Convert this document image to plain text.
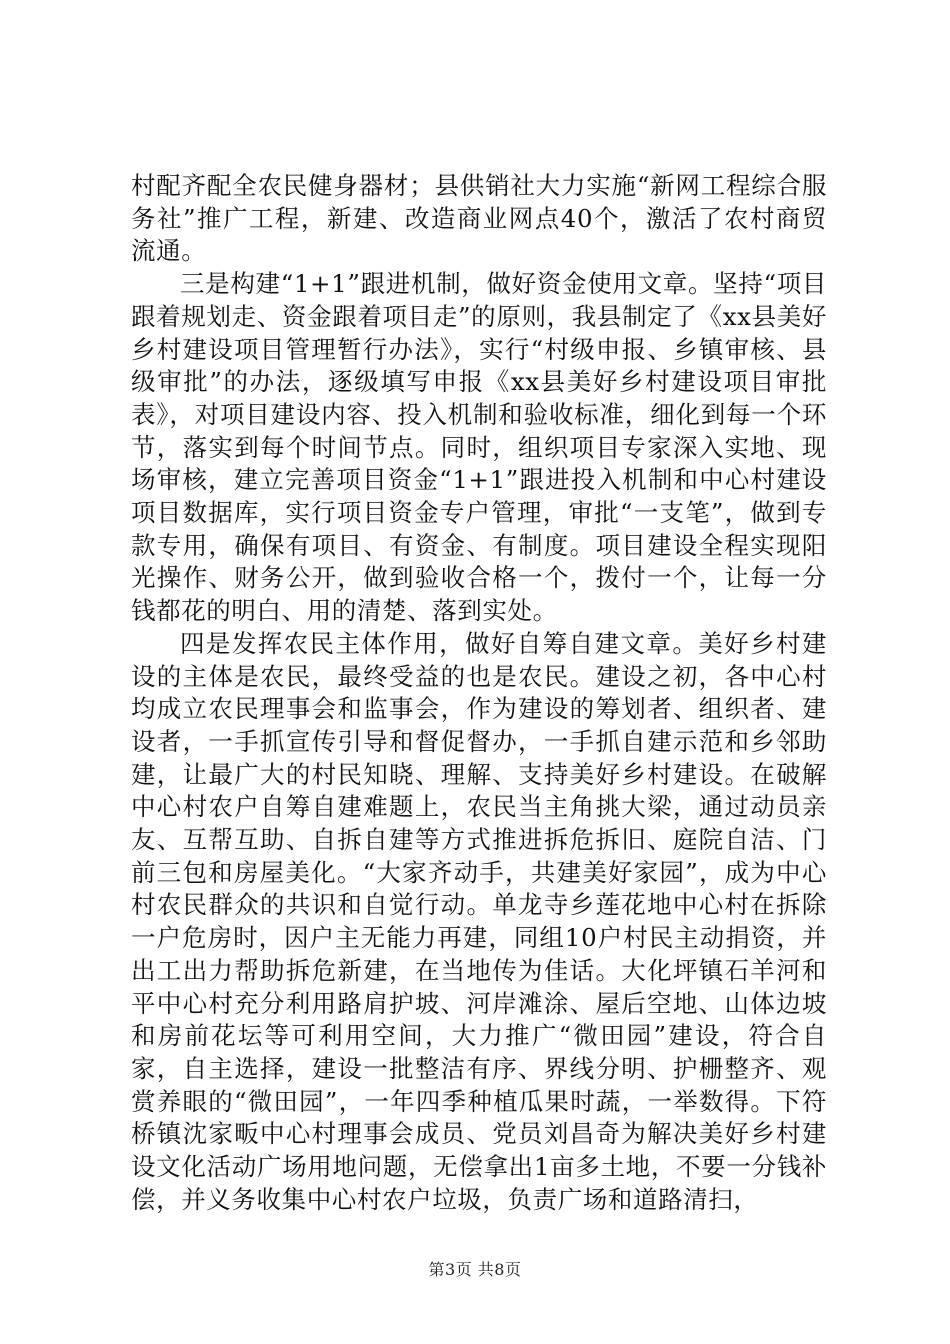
村配齐配全农民健身器材；县供销社大力实施“新网工程综合服务社”推广工程，新建、改造商业网点40个，激活了农村商贸流通。

三是构建“1+1”跟进机制，做好资金使用文章。坚持“项目跟着规划走、资金跟着项目走”的原则，我县制定了《xx县美好乡村建设项目管理暂行办法》，实行“村级申报、乡镇审核、县级审批”的办法，逐级填写申报《xx县美好乡村建设项目审批表》，对项目建设内容、投入机制和验收标准，细化到每一个环节，落实到每个时间节点。同时，组织项目专家深入实地、现场审核，建立完善项目资金“1+1”跟进投入机制和中心村建设项目数据库，实行项目资金专户管理，审批“一支笔”，做到专款专用，确保有项目、有资金、有制度。项目建设全程实现阳光操作、财务公开，做到验收合格一个，拨付一个，让每一分钱都花的明白、用的清楚、落到实处。

四是发挥农民主体作用，做好自筹自建文章。美好乡村建设的主体是农民，最终受益的也是农民。建设之初，各中心村均成立农民理事会和监事会，作为建设的筹划者、组织者、建设者，一手抓宣传引导和督促督办，一手抓自建示范和乡邻助建，让最广大的村民知晓、理解、支持美好乡村建设。在破解中心村农户自筹自建难题上，农民当主角挑大梁，通过动员亲友、互帮互助、自拆自建等方式推进拆危拆旧、庭院自洁、门前三包和房屋美化。“大家齐动手，共建美好家园”，成为中心村农民群众的共识和自觉行动。单龙寺乡莲花地中心村在拆除一户危房时，因户主无能力再建，同组10户村民主动捐资，并出工出力帮助拆危新建，在当地传为佳话。大化坪镇石羊河和平中心村充分利用路肩护坡、河岸滩涂、屋后空地、山体边坡和房前花坛等可利用空间，大力推广“微田园”建设，符合自家，自主选择，建设一批整洁有序、界线分明、护栅整齐、观赏养眼的“微田园”，一年四季种植瓜果时蔬，一举数得。下符桥镇沈家畈中心村理事会成员、党员刘昌奇为解决美好乡村建设文化活动广场用地问题，无偿拿出1亩多土地，不要一分钱补偿，并义务收集中心村农户垃圾，负责广场和道路清扫，

第3页 共8页
